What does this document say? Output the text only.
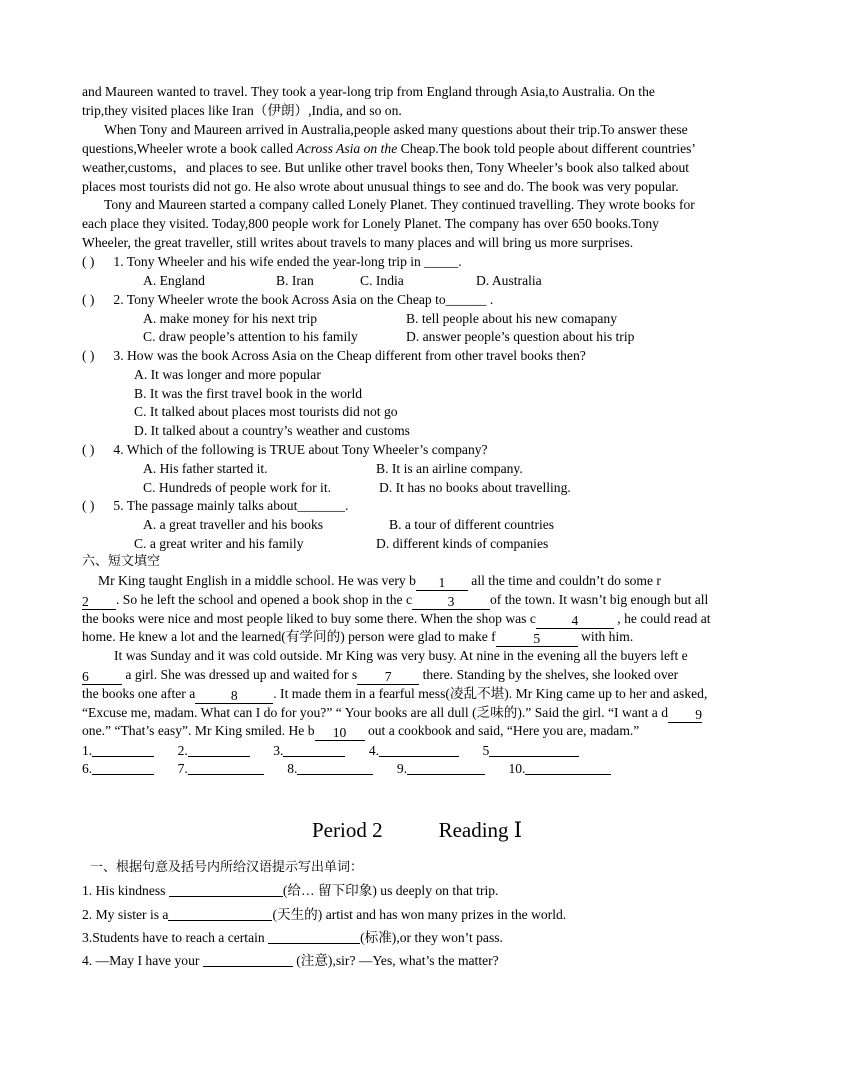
and Maureen wanted to travel. They took a year-long trip from England through Asia,to Australia. On the
trip,they visited places like Iran（伊朗）,India, and so on.
When Tony and Maureen arrived in Australia,people asked many questions about their trip.To answer these
questions,Wheeler wrote a book called Across Asia on the Cheap.The book told people about different countries’
weather,customs，and places to see. But unlike other travel books then, Tony Wheeler’s book also talked about
places most tourists did not go. He also wrote about unusual things to see and do. The book was very popular.
Tony and Maureen started a company called Lonely Planet. They continued travelling. They wrote books for
each place they visited. Today,800 people work for Lonely Planet. The company has over 650 books.Tony
Wheeler, the great traveller, still writes about travels to many places and will bring us more surprises.
( ) 1. Tony Wheeler and his wife ended the year-long trip in _____.
A. England	B. Iran	C. India	D. Australia
( ) 2. Tony Wheeler wrote the book Across Asia on the Cheap to______ .
A. make money for his next trip	B. tell people about his new comapany
C. draw people’s attention to his family	D. answer people’s question about his trip
( ) 3. How was the book Across Asia on the Cheap different from other travel books then?
A. It was longer and more popular
B. It was the first travel book in the world
C. It talked about places most tourists did not go
D. It talked about a country’s weather and customs
( ) 4. Which of the following is TRUE about Tony Wheeler’s company?
A. His father started it.	B. It is an airline company.
C. Hundreds of people work for it.	D. It has no books about travelling.
( ) 5. The passage mainly talks about_______.
A. a great traveller and his books	B. a tour of different countries
C. a great writer and his family	D. different kinds of companies
六、短文填空
Mr King taught English in a middle school. He was very b 1 all the time and couldn’t do some r
2 . So he left the school and opened a book shop in the c	3	of the town. It wasn’t big enough but all
the books were nice and most people liked to buy some there. When the shop was c	4	, he could read at
home. He knew a lot and the learned(有学问的) person were glad to make f	5	with him.
It was Sunday and it was cold outside. Mr King was very busy. At nine in the evening all the buyers left e
6 a girl. She was dressed up and waited for s 7 there. Standing by the shelves, she looked over
the books one after a	8	. It made them in a fearful mess(凌乱不堪). Mr King came up to her and asked,
“Excuse me, madam. What can I do for you?” “ Your books are all dull (乏味的).” Said the girl. “I want a d 9
one.” “That’s easy”. Mr King smiled. He b 10 out a cookbook and said, “Here you are, madam.”
1.	2.	3.	4.	5
6.	7.	8.	9.	10.
Period 2	Reading Ⅰ
一、根据句意及括号内所给汉语提示写出单词：
1. His kindness	(给… 留下印象) us deeply on that trip.
2. My sister is a	(天生的) artist and has won many prizes in the world.
3.Students have to reach a certain	(标准),or they won’t pass.
4. —May I have your	(注意),sir? —Yes, what’s the matter?
